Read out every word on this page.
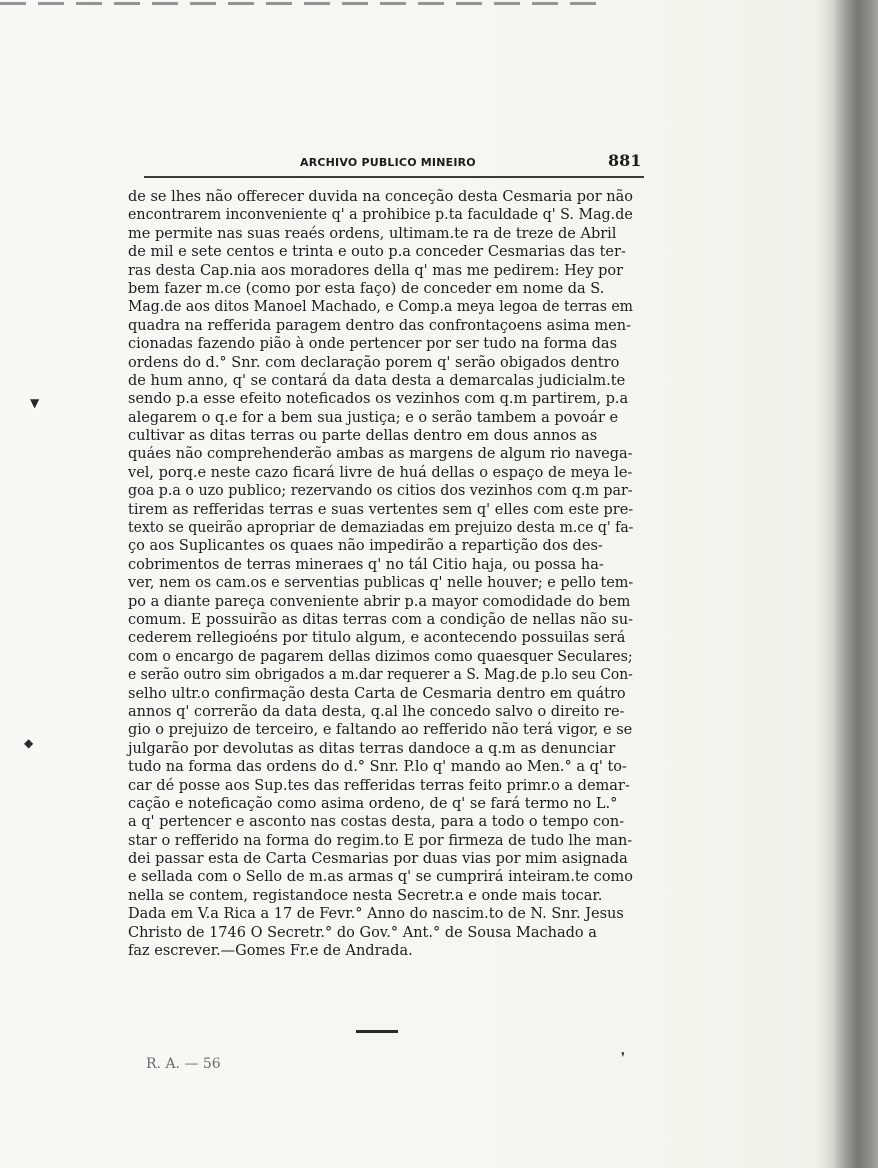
ARCHIVO PUBLICO MINEIRO	881
de se lhes não offerecer duvida na conceção desta Cesmaria por não
encontrarem inconveniente q' a prohibice p.ta faculdade q' S. Mag.de
me permite nas suas reaés ordens, ultimam.te ra de treze de Abril
de mil e sete centos e trinta e outo p.a conceder Cesmarias das ter-
ras desta Cap.nia aos moradores della q' mas me pedirem: Hey por
bem fazer m.ce (como por esta faço) de conceder em nome da S.
Mag.de aos ditos Manoel Machado, e Comp.a meya legoa de terras em
quadra na refferida paragem dentro das confrontaçoens asima men-
cionadas fazendo pião à onde pertencer por ser tudo na forma das
ordens do d.° Snr. com declaração porem q' serão obigados dentro
de hum anno, q' se contará da data desta a demarcalas judicialm.te
sendo p.a esse efeito noteficados os vezinhos com q.m partirem, p.a
alegarem o q.e for a bem sua justiça; e o serão tambem a povoár e
cultivar as ditas terras ou parte dellas dentro em dous annos as
quáes não comprehenderão ambas as margens de algum rio navega-
vel, porq.e neste cazo ficará livre de huá dellas o espaço de meya le-
goa p.a o uzo publico; rezervando os citios dos vezinhos com q.m par-
tirem as refferidas terras e suas vertentes sem q' elles com este pre-
texto se queirão apropriar de demaziadas em prejuizo desta m.ce q' fa-
ço aos Suplicantes os quaes não impedirão a repartição dos des-
cobrimentos de terras mineraes q' no tál Citio haja, ou possa ha-
ver, nem os cam.os e serventias publicas q' nelle houver; e pello tem-
po a diante pareça conveniente abrir p.a mayor comodidade do bem
comum. E possuirão as ditas terras com a condição de nellas não su-
cederem rellegioéns por titulo algum, e acontecendo possuilas será
com o encargo de pagarem dellas dizimos como quaesquer Seculares;
e serão outro sim obrigados a m.dar requerer a S. Mag.de p.lo seu Con-
selho ultr.o confirmação desta Carta de Cesmaria dentro em quátro
annos q' correrão da data desta, q.al lhe concedo salvo o direito re-
gio o prejuizo de terceiro, e faltando ao refferido não terá vigor, e se
julgarão por devolutas as ditas terras dandoce a q.m as denunciar
tudo na forma das ordens do d.° Snr. P.lo q' mando ao Men.° a q' to-
car dé posse aos Sup.tes das refferidas terras feito primr.o a demar-
cação e noteficação como asima ordeno, de q' se fará termo no L.°
a q' pertencer e asconto nas costas desta, para a todo o tempo con-
star o refferido na forma do regim.to E por firmeza de tudo lhe man-
dei passar esta de Carta Cesmarias por duas vias por mim asignada
e sellada com o Sello de m.as armas q' se cumprirá inteiram.te como
nella se contem, registandoce nesta Secretr.a e onde mais tocar.
Dada em V.a Rica a 17 de Fevr.° Anno do nascim.to de N. Snr. Jesus
Christo de 1746 O Secretr.° do Gov.° Ant.° de Sousa Machado a
faz escrever.—Gomes Fr.e de Andrada.
R. A. — 56
▼
◆
❜
